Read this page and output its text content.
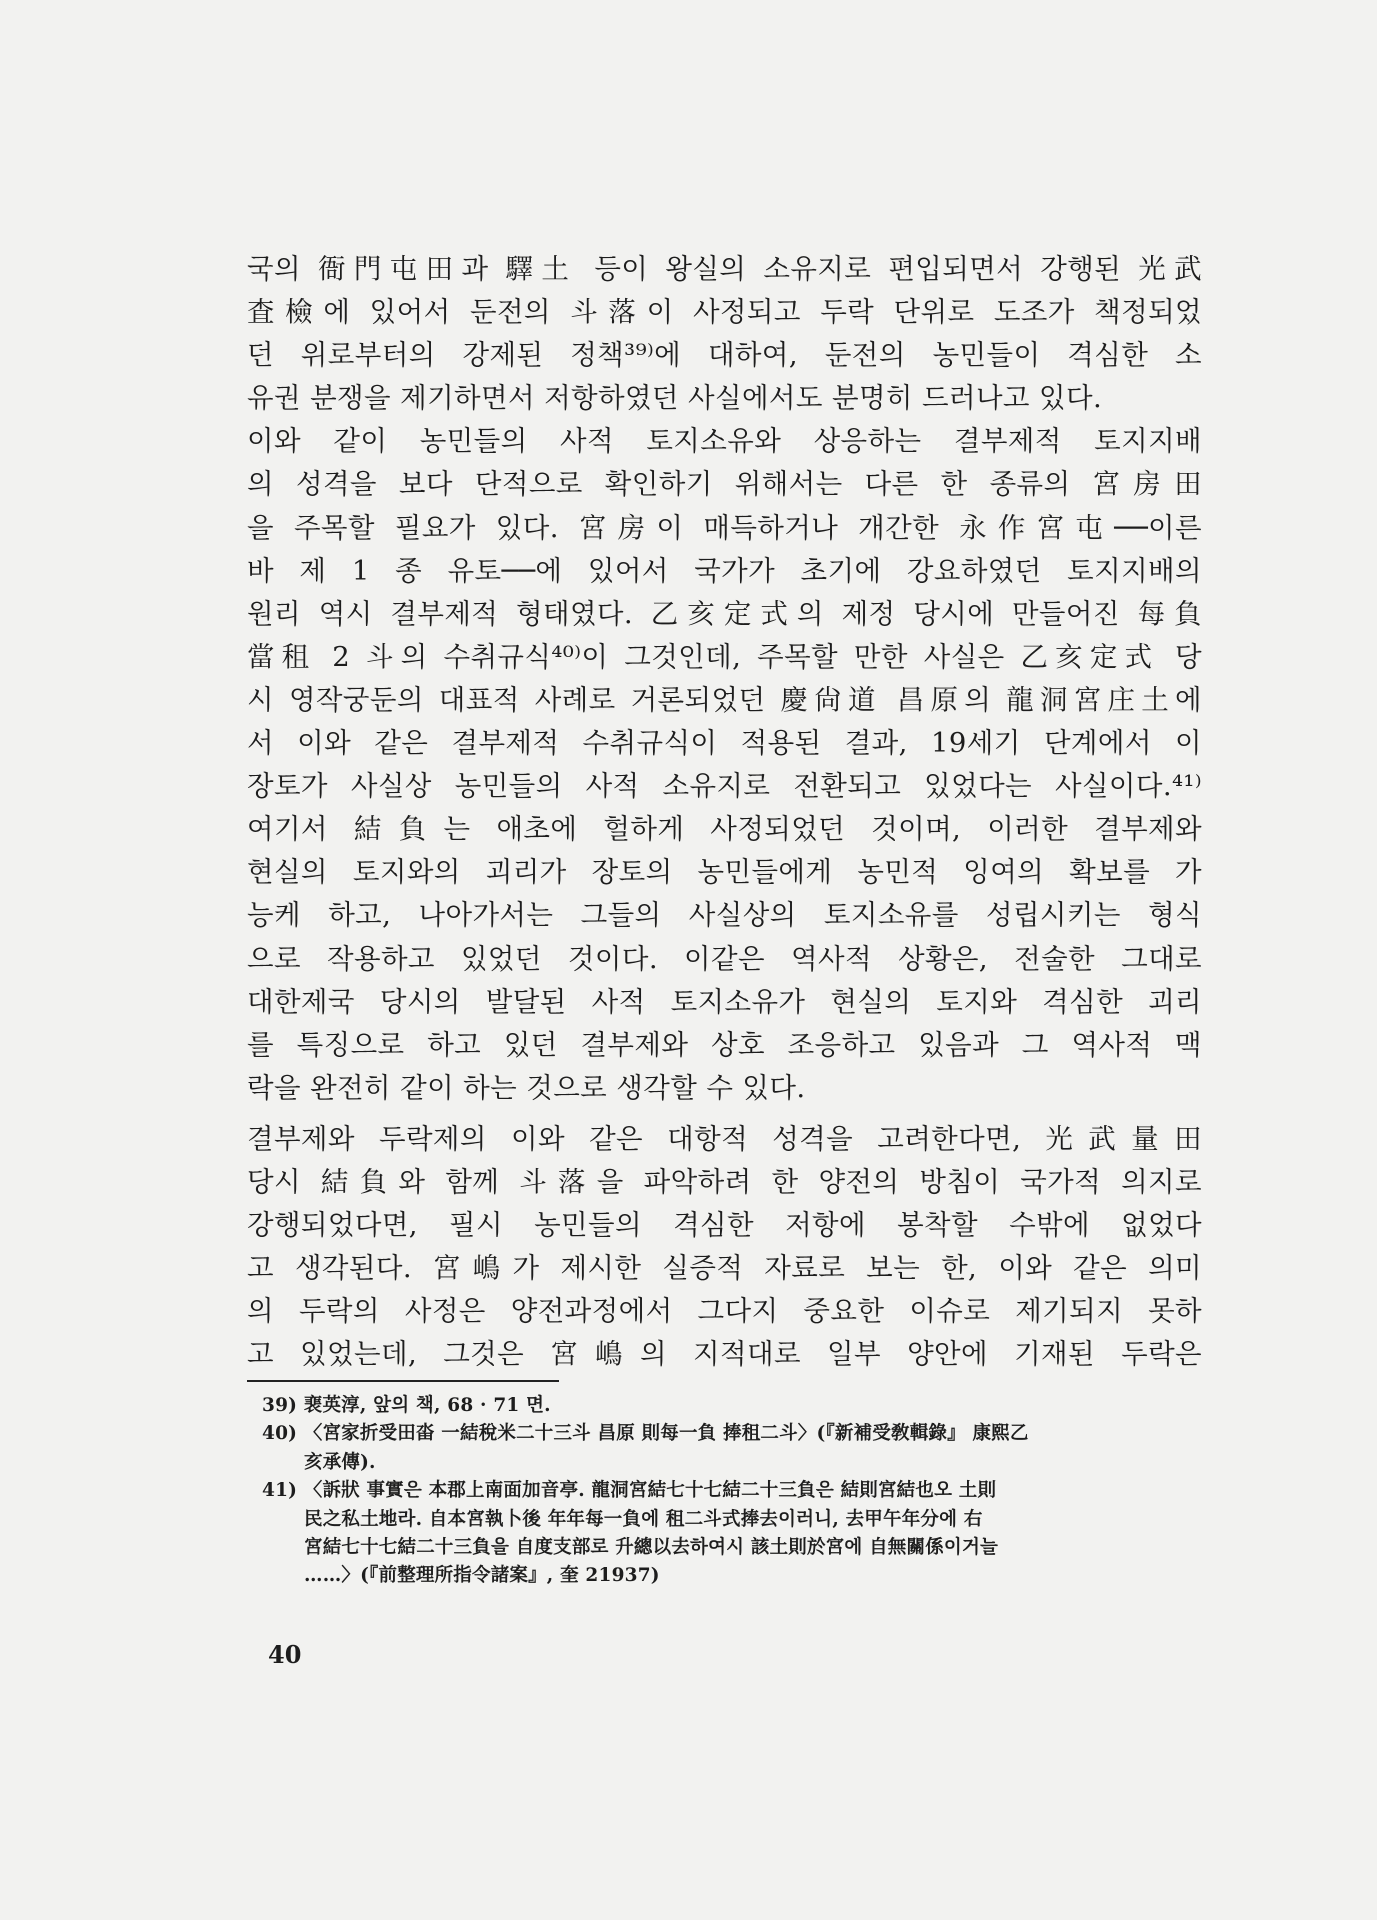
국의 衙門屯田과 驛土 등이 왕실의 소유지로 편입되면서 강행된 光武
査檢에 있어서 둔전의 斗落이 사정되고 두락 단위로 도조가 책정되었
던 위로부터의 강제된 정책³⁹⁾에 대하여, 둔전의 농민들이 격심한 소
유권 분쟁을 제기하면서 저항하였던 사실에서도 분명히 드러나고 있다.
이와 같이 농민들의 사적 토지소유와 상응하는 결부제적 토지지배
의 성격을 보다 단적으로 확인하기 위해서는 다른 한 종류의 宮房田
을 주목할 필요가 있다. 宮房이 매득하거나 개간한 永作宮屯──이른
바 제 1 종 유토──에 있어서 국가가 초기에 강요하였던 토지지배의
원리 역시 결부제적 형태였다. 乙亥定式의 제정 당시에 만들어진 每負
當租 2 斗의 수취규식⁴⁰⁾이 그것인데, 주목할 만한 사실은 乙亥定式 당
시 영작궁둔의 대표적 사례로 거론되었던 慶尙道 昌原의 龍洞宮庄土에
서 이와 같은 결부제적 수취규식이 적용된 결과, 19세기 단계에서 이
장토가 사실상 농민들의 사적 소유지로 전환되고 있었다는 사실이다.⁴¹⁾
여기서 結負는 애초에 헐하게 사정되었던 것이며, 이러한 결부제와
현실의 토지와의 괴리가 장토의 농민들에게 농민적 잉여의 확보를 가
능케 하고, 나아가서는 그들의 사실상의 토지소유를 성립시키는 형식
으로 작용하고 있었던 것이다. 이같은 역사적 상황은, 전술한 그대로
대한제국 당시의 발달된 사적 토지소유가 현실의 토지와 격심한 괴리
를 특징으로 하고 있던 결부제와 상호 조응하고 있음과 그 역사적 맥
락을 완전히 같이 하는 것으로 생각할 수 있다.
결부제와 두락제의 이와 같은 대항적 성격을 고려한다면, 光武量田
당시 結負와 함께 斗落을 파악하려 한 양전의 방침이 국가적 의지로
강행되었다면, 필시 농민들의 격심한 저항에 봉착할 수밖에 없었다
고 생각된다. 宮嶋가 제시한 실증적 자료로 보는 한, 이와 같은 의미
의 두락의 사정은 양전과정에서 그다지 중요한 이슈로 제기되지 못하
고 있었는데, 그것은 宮嶋의 지적대로 일부 양안에 기재된 두락은
39) 裵英淳, 앞의 책, 68 · 71 면.
40) 〈宮家折受田畓 一結稅米二十三斗 昌原 則每一負 捧租二斗〉(『新補受敎輯錄』 康熙乙
亥承傳).
41) 〈訴狀 事實은 本郡上南面加音亭. 龍洞宮結七十七結二十三負은 結則宮結也오 土則
民之私土地라. 自本宮執卜後 年年每一負에 租二斗式捧去이러니, 去甲午年分에 右
宮結七十七結二十三負을 自度支部로 升總以去하여시 該土則於宮에 自無關係이거늘
……〉(『前整理所指令諸案』, 奎 21937)
40
